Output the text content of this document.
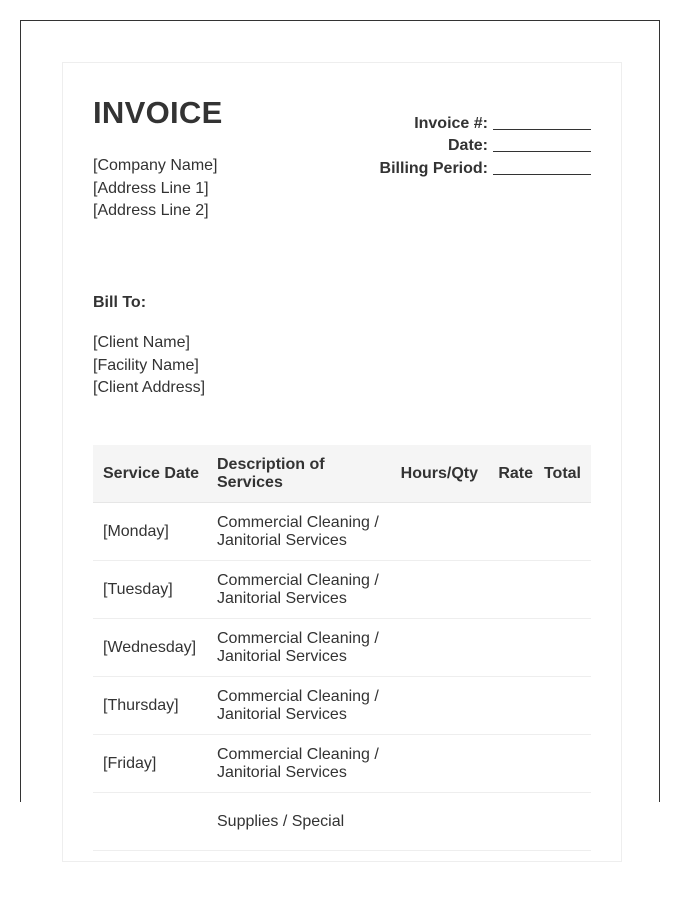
INVOICE
[Company Name]
[Address Line 1]
[Address Line 2]
Invoice #:
Date:
Billing Period:
Bill To:
[Client Name]
[Facility Name]
[Client Address]
Service Date
Description of Services
Hours/Qty	Rate Total
[Monday]
Commercial Cleaning / Janitorial Services
[Tuesday]
Commercial Cleaning / Janitorial Services
[Wednesday]
Commercial Cleaning / Janitorial Services
[Thursday]
Commercial Cleaning / Janitorial Services
[Friday]
Commercial Cleaning / Janitorial Services
Supplies / Special
